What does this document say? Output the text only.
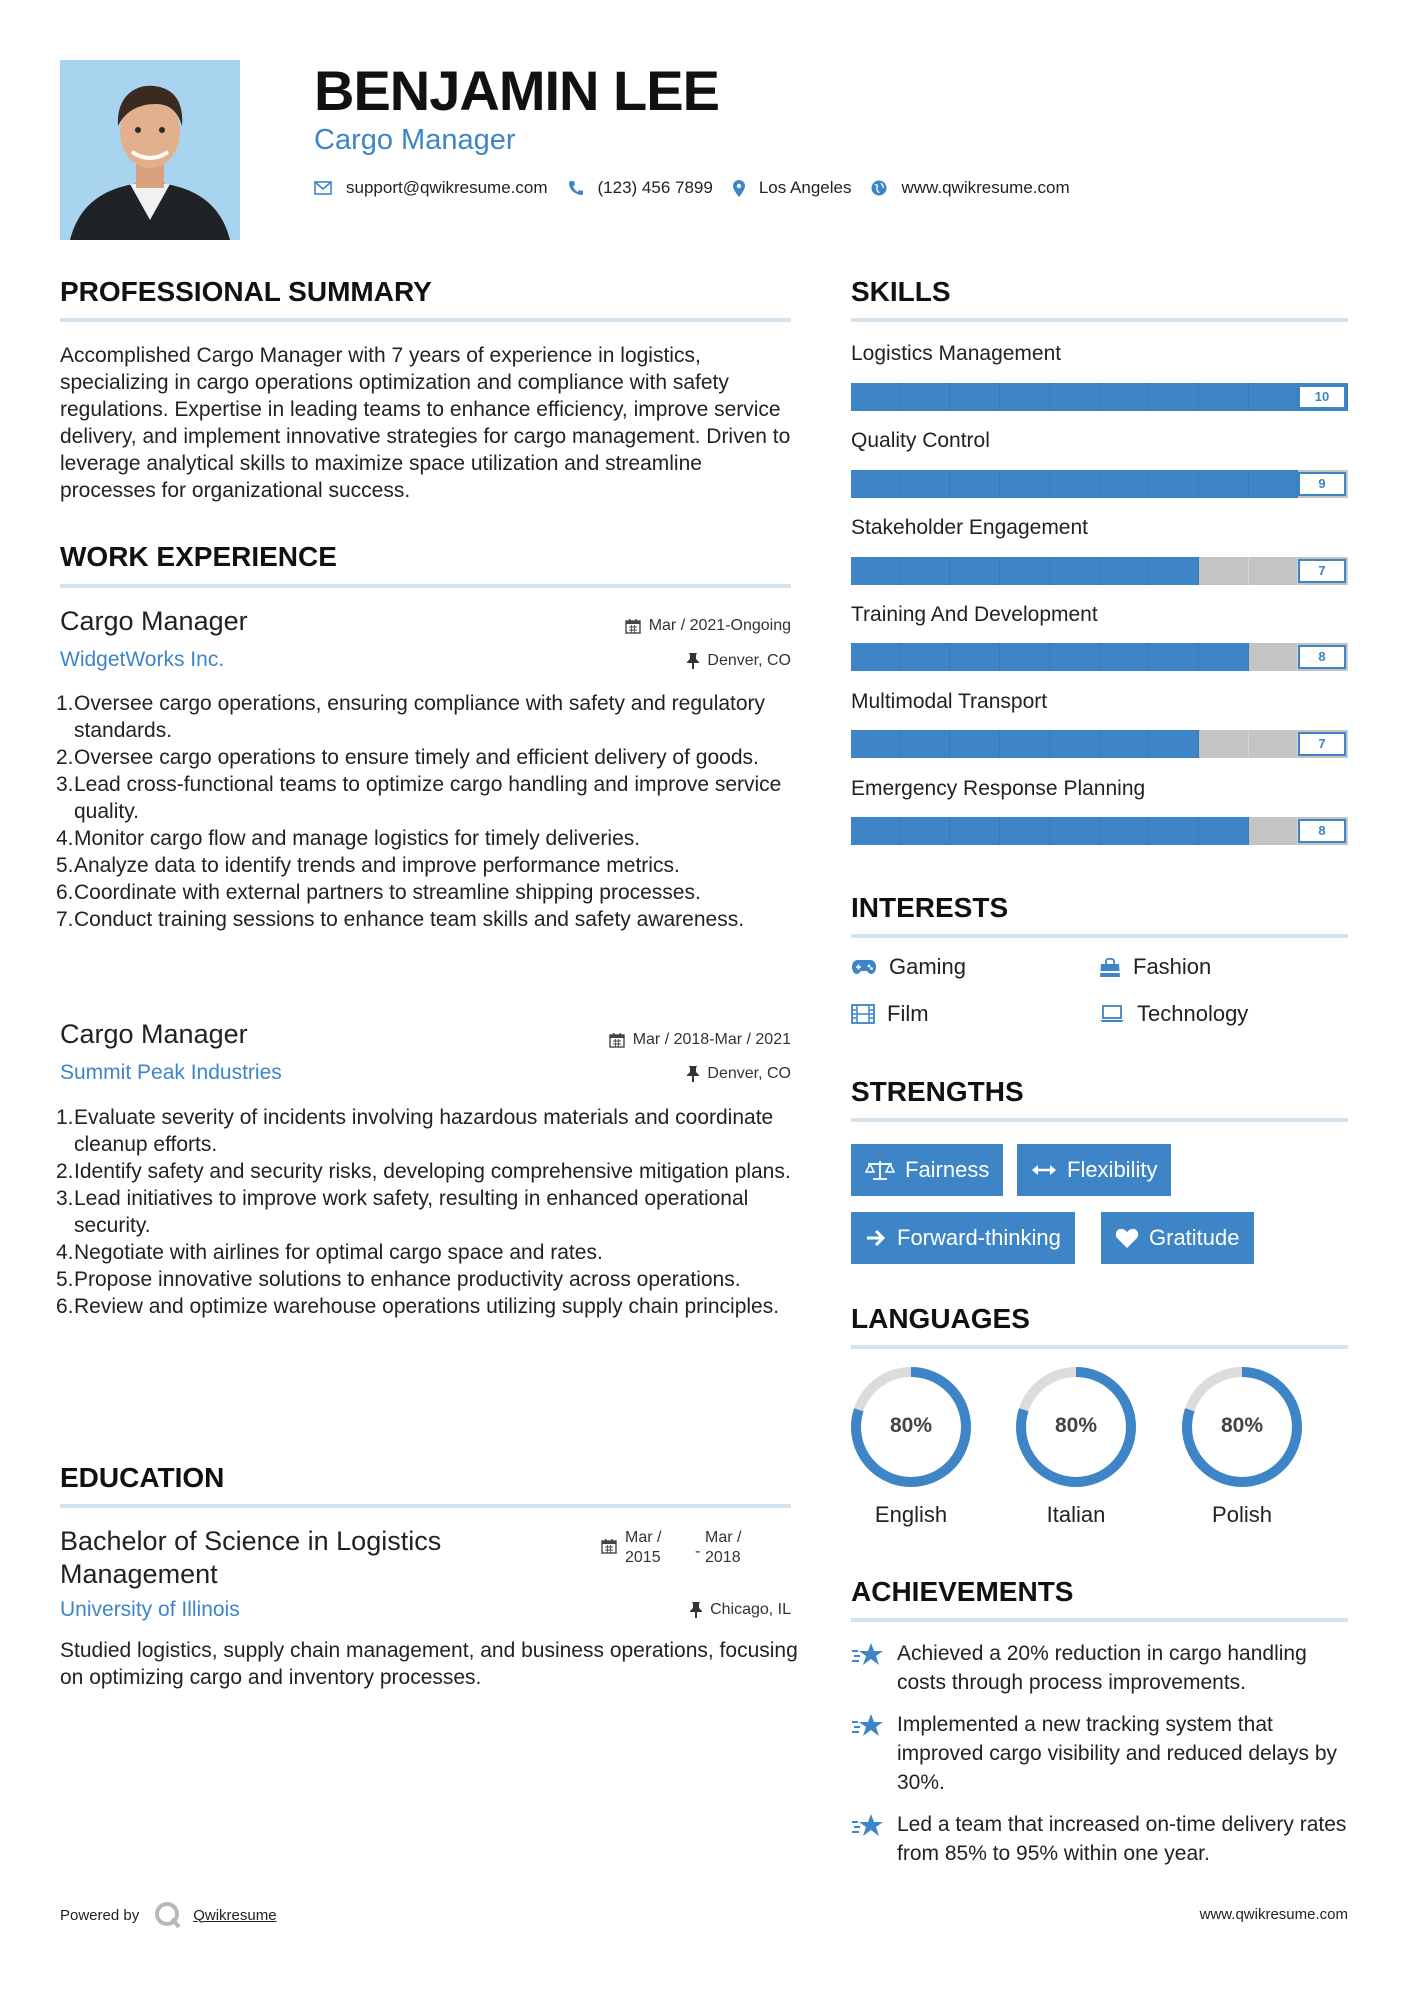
BENJAMIN LEE
Cargo Manager
support@qwikresume.com	(123) 456 7899	Los Angeles	www.qwikresume.com
PROFESSIONAL SUMMARY
Accomplished Cargo Manager with 7 years of experience in logistics, specializing in cargo operations optimization and compliance with safety regulations. Expertise in leading teams to enhance efficiency, improve service delivery, and implement innovative strategies for cargo management. Driven to leverage analytical skills to maximize space utilization and streamline processes for organizational success.
WORK EXPERIENCE
Cargo Manager	Mar / 2021-Ongoing
WidgetWorks Inc.	Denver, CO
1. Oversee cargo operations, ensuring compliance with safety and regulatory standards.
2. Oversee cargo operations to ensure timely and efficient delivery of goods.
3. Lead cross-functional teams to optimize cargo handling and improve service quality.
4. Monitor cargo flow and manage logistics for timely deliveries.
5. Analyze data to identify trends and improve performance metrics.
6. Coordinate with external partners to streamline shipping processes.
7. Conduct training sessions to enhance team skills and safety awareness.
Cargo Manager	Mar / 2018-Mar / 2021
Summit Peak Industries	Denver, CO
1. Evaluate severity of incidents involving hazardous materials and coordinate cleanup efforts.
2. Identify safety and security risks, developing comprehensive mitigation plans.
3. Lead initiatives to improve work safety, resulting in enhanced operational security.
4. Negotiate with airlines for optimal cargo space and rates.
5. Propose innovative solutions to enhance productivity across operations.
6. Review and optimize warehouse operations utilizing supply chain principles.
EDUCATION
Bachelor of Science in Logistics Management
Mar /
2015	-
Mar /
2018
University of Illinois	Chicago, IL
Studied logistics, supply chain management, and business operations, focusing on optimizing cargo and inventory processes.
SKILLS
Logistics Management
10
Quality Control
9
Stakeholder Engagement
7
Training And Development
8
Multimodal Transport
7
Emergency Response Planning
8
INTERESTS
Gaming	Fashion
Film	Technology
STRENGTHS
Fairness	Flexibility
Forward-thinking	Gratitude
LANGUAGES
80%
English
80%
Italian
80%
Polish
ACHIEVEMENTS
Achieved a 20% reduction in cargo handling costs through process improvements.
Implemented a new tracking system that improved cargo visibility and reduced delays by 30%.
Led a team that increased on-time delivery rates from 85% to 95% within one year.
Powered by	Qwikresume	www.qwikresume.com
